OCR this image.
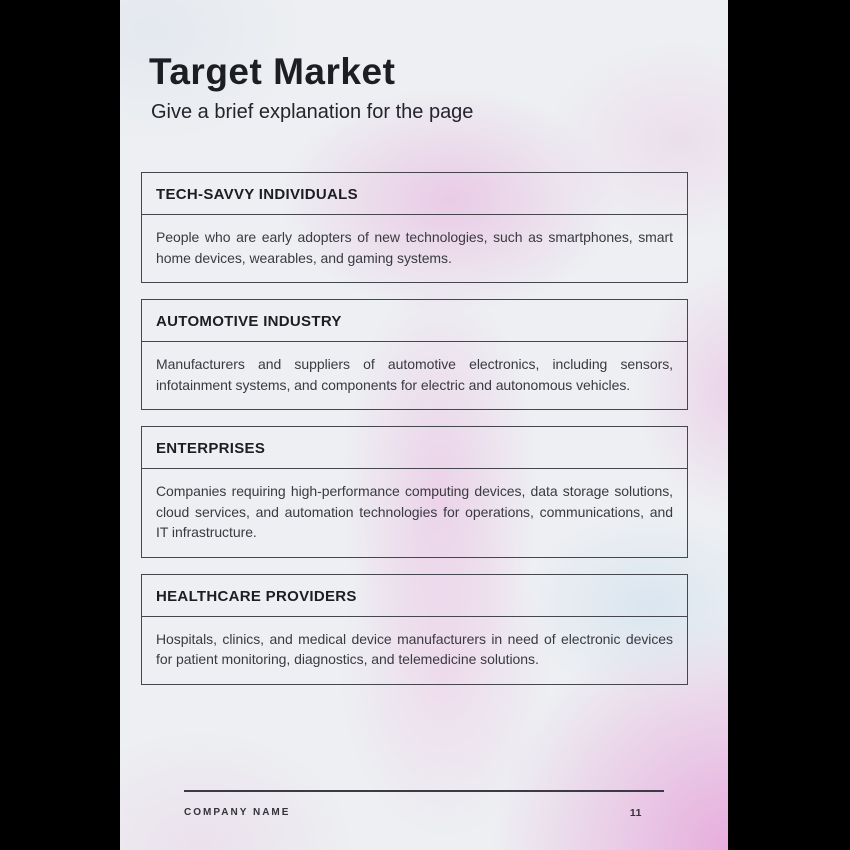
Target Market

Give a brief explanation for the page

TECH-SAVVY INDIVIDUALS

People who are early adopters of new technologies, such as smartphones, smart home devices, wearables, and gaming systems.

AUTOMOTIVE INDUSTRY

Manufacturers and suppliers of automotive electronics, including sensors, infotainment systems, and components for electric and autonomous vehicles.

ENTERPRISES

Companies requiring high-performance computing devices, data storage solutions, cloud services, and automation technologies for operations, communications, and IT infrastructure.

HEALTHCARE PROVIDERS

Hospitals, clinics, and medical device manufacturers in need of electronic devices for patient monitoring, diagnostics, and telemedicine solutions.

COMPANY NAME	11
